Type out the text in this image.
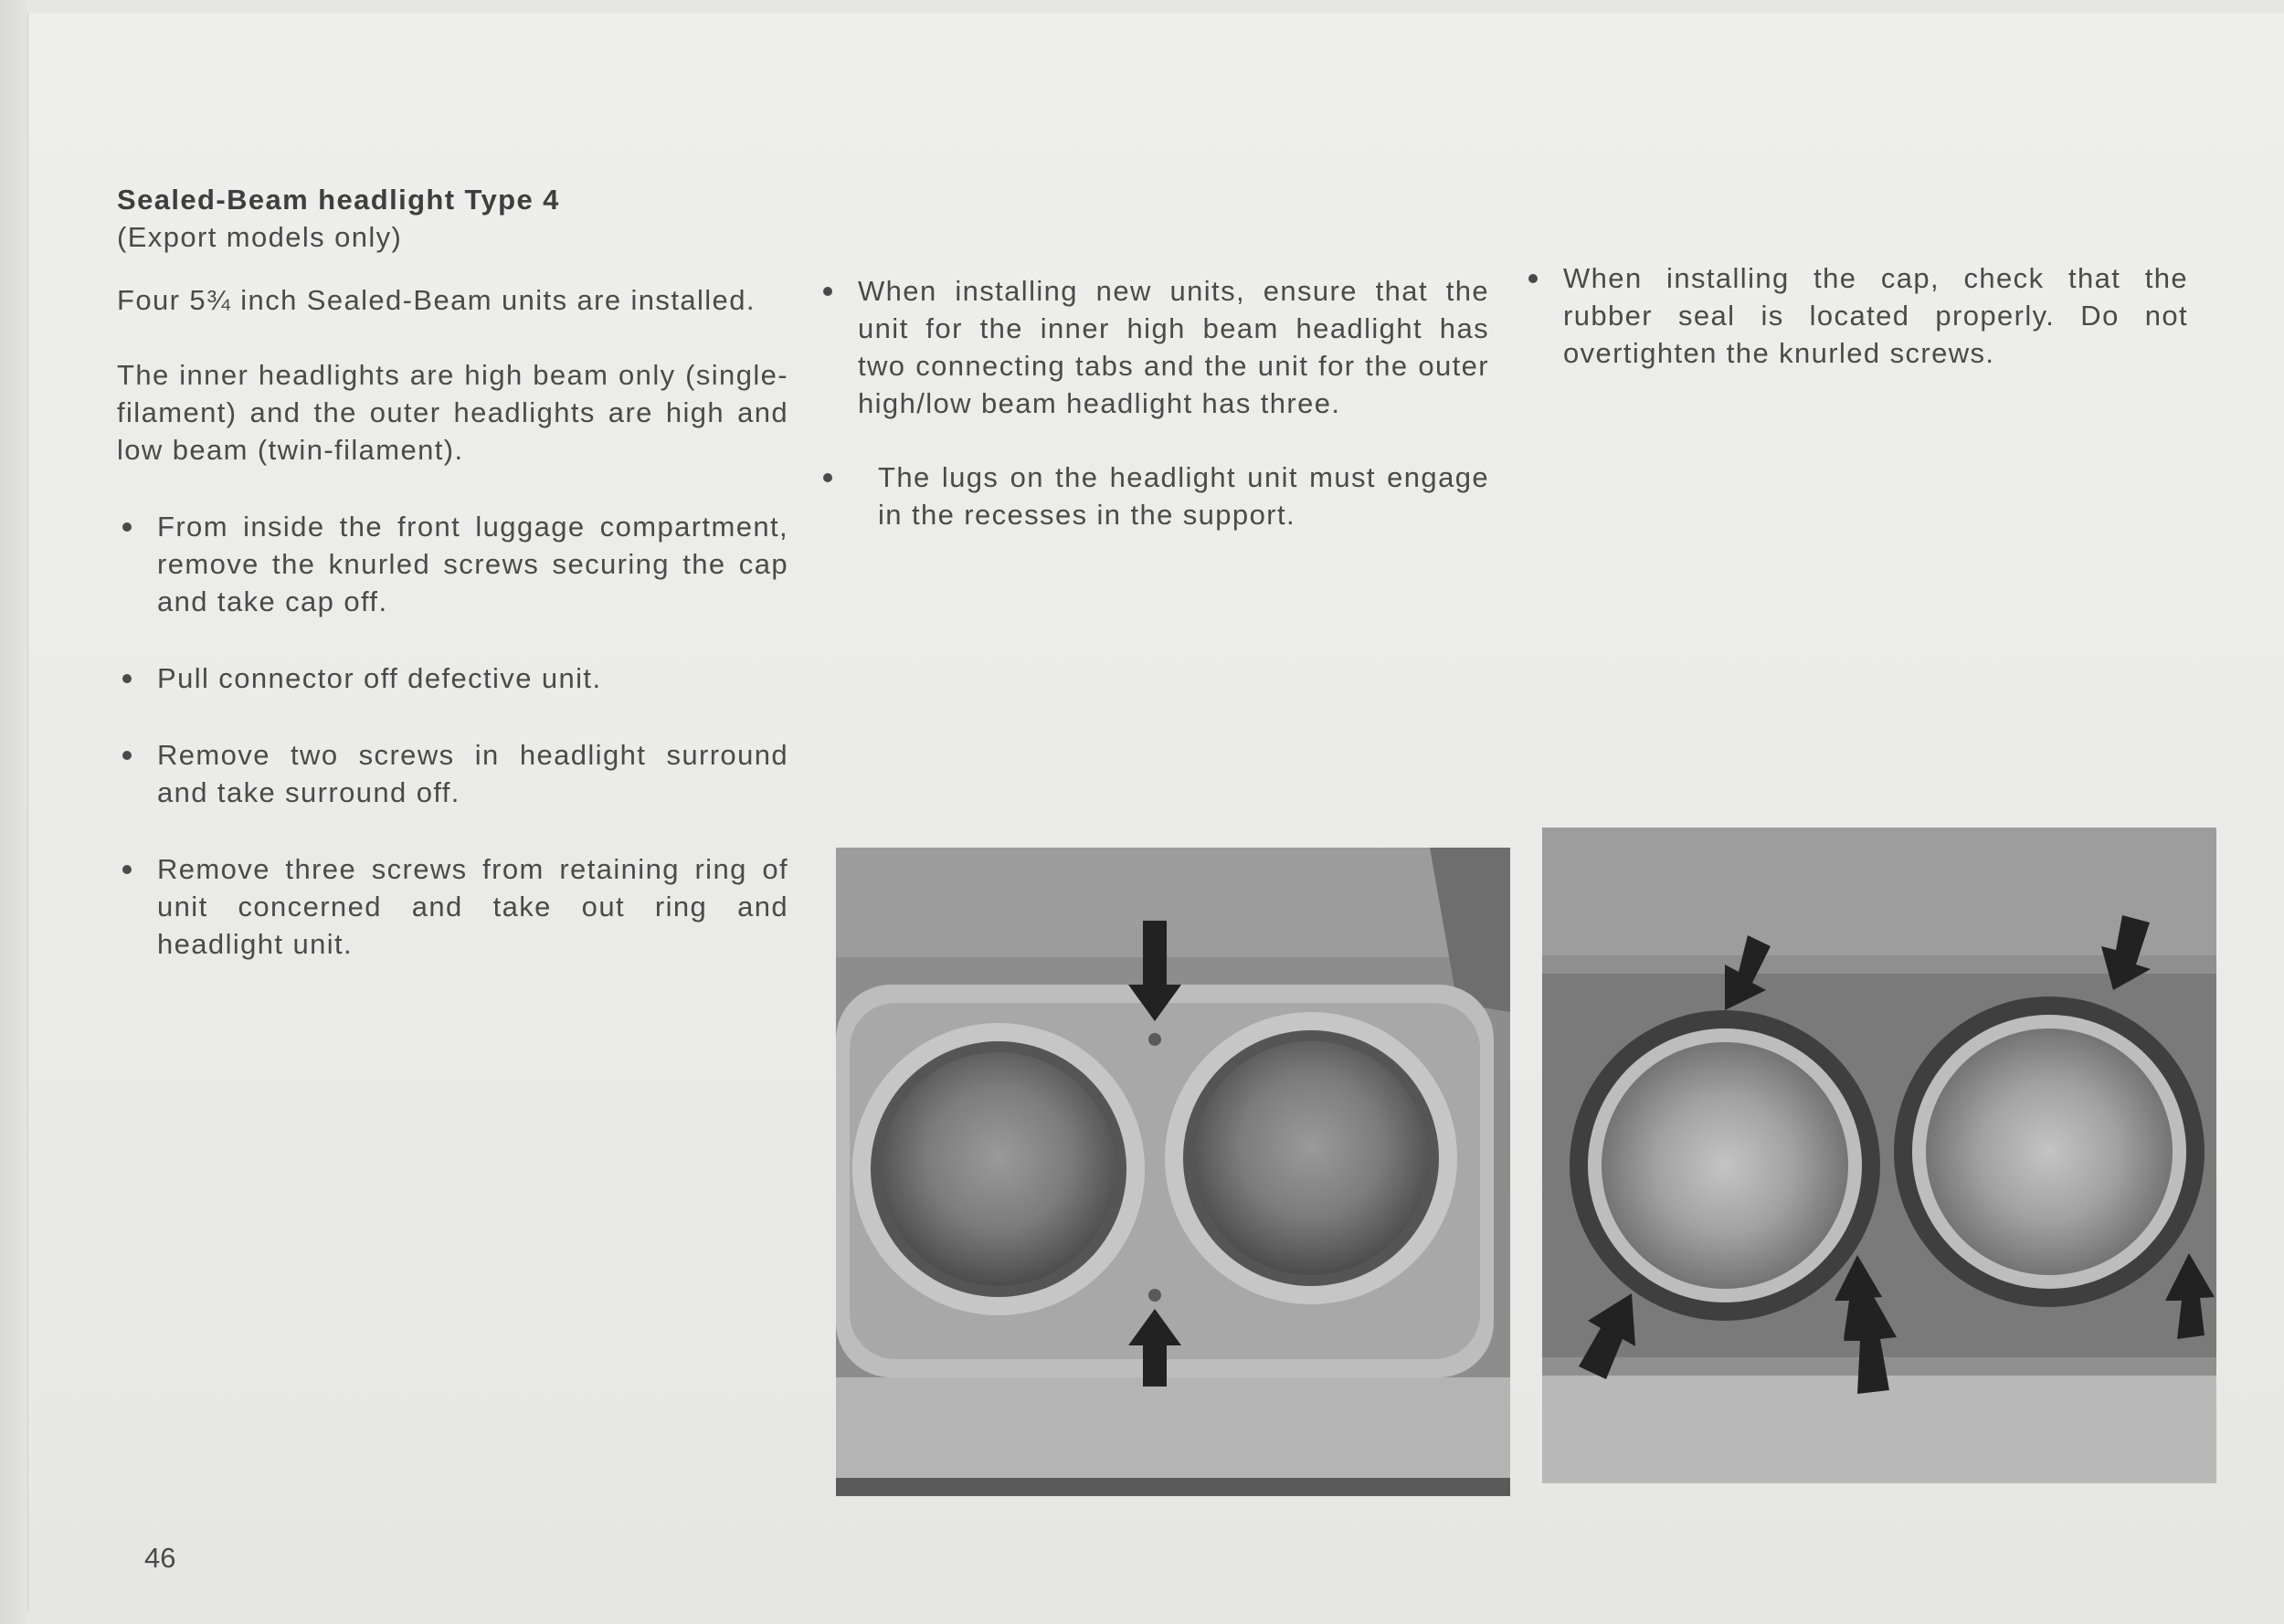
Sealed-Beam headlight Type 4

(Export models only)

Four 5¾ inch Sealed-Beam units are installed.

The inner headlights are high beam only (single-filament) and the outer headlights are high and low beam (twin-filament).

From inside the front luggage compartment, remove the knurled screws securing the cap and take cap off.

Pull connector off defective unit.

Remove two screws in headlight surround and take surround off.

Remove three screws from retaining ring of unit concerned and take out ring and headlight unit.

When installing new units, ensure that the unit for the inner high beam headlight has two connecting tabs and the unit for the outer high/low beam headlight has three.

The lugs on the headlight unit must engage in the recesses in the support.

When installing the cap, check that the rubber seal is located properly. Do not overtighten the knurled screws.

46
